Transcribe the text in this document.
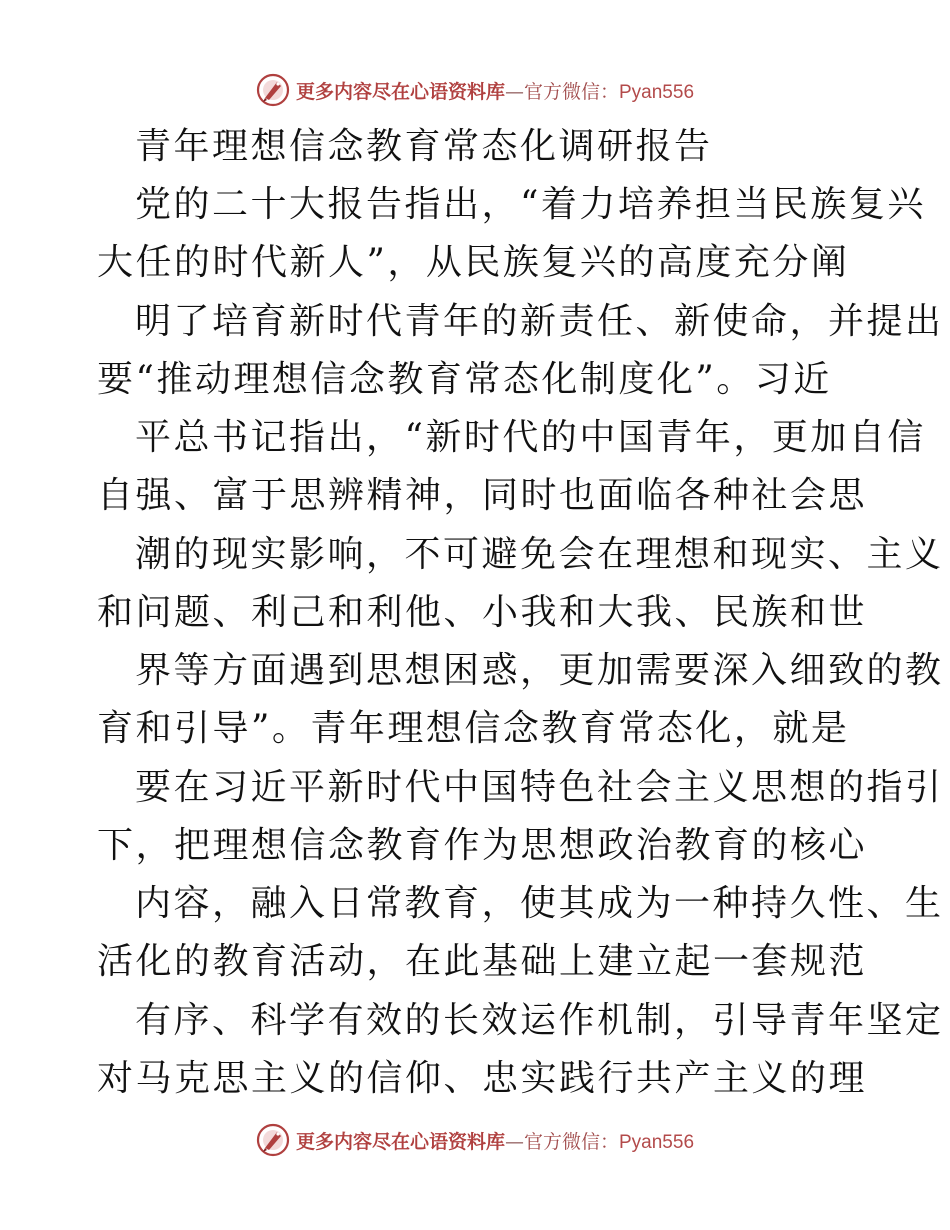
更多内容尽在心语资料库—官方微信：Pyan556
青年理想信念教育常态化调研报告
党的二十大报告指出，“着力培养担当民族复兴
大任的时代新人”，从民族复兴的高度充分阐
明了培育新时代青年的新责任、新使命，并提出
要“推动理想信念教育常态化制度化”。习近
平总书记指出，“新时代的中国青年，更加自信
自强、富于思辨精神，同时也面临各种社会思
潮的现实影响，不可避免会在理想和现实、主义
和问题、利己和利他、小我和大我、民族和世
界等方面遇到思想困惑，更加需要深入细致的教
育和引导”。青年理想信念教育常态化，就是
要在习近平新时代中国特色社会主义思想的指引
下，把理想信念教育作为思想政治教育的核心
内容，融入日常教育，使其成为一种持久性、生
活化的教育活动，在此基础上建立起一套规范
有序、科学有效的长效运作机制，引导青年坚定
对马克思主义的信仰、忠实践行共产主义的理
更多内容尽在心语资料库—官方微信：Pyan556
